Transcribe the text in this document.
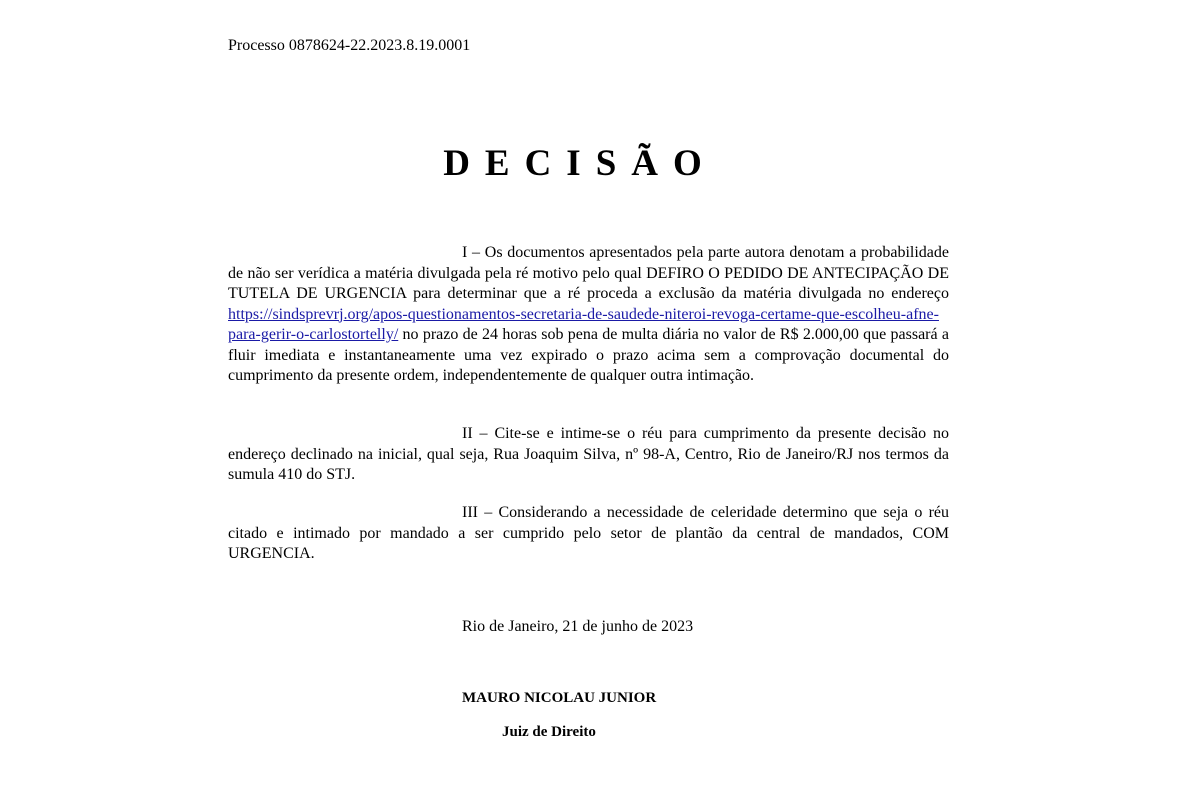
Processo 0878624-22.2023.8.19.0001
DECISÃO

I – Os documentos apresentados pela parte autora denotam a probabilidade de não ser verídica a matéria divulgada pela ré motivo pelo qual DEFIRO O PEDIDO DE ANTECIPAÇÃO DE TUTELA DE URGENCIA para determinar que a ré proceda a exclusão da matéria divulgada no endereço https://sindsprevrj.org/apos-questionamentos-secretaria-de-saudede-niteroi-revoga-certame-que-escolheu-afne-para-gerir-o-carlostortelly/ no prazo de 24 horas sob pena de multa diária no valor de R$ 2.000,00 que passará a fluir imediata e instantaneamente uma vez expirado o prazo acima sem a comprovação documental do cumprimento da presente ordem, independentemente de qualquer outra intimação.

II – Cite-se e intime-se o réu para cumprimento da presente decisão no endereço declinado na inicial, qual seja, Rua Joaquim Silva, nº 98-A, Centro, Rio de Janeiro/RJ nos termos da sumula 410 do STJ.

III – Considerando a necessidade de celeridade determino que seja o réu citado e intimado por mandado a ser cumprido pelo setor de plantão da central de mandados, COM URGENCIA.

Rio de Janeiro, 21 de junho de 2023
MAURO NICOLAU JUNIOR
Juiz de Direito
